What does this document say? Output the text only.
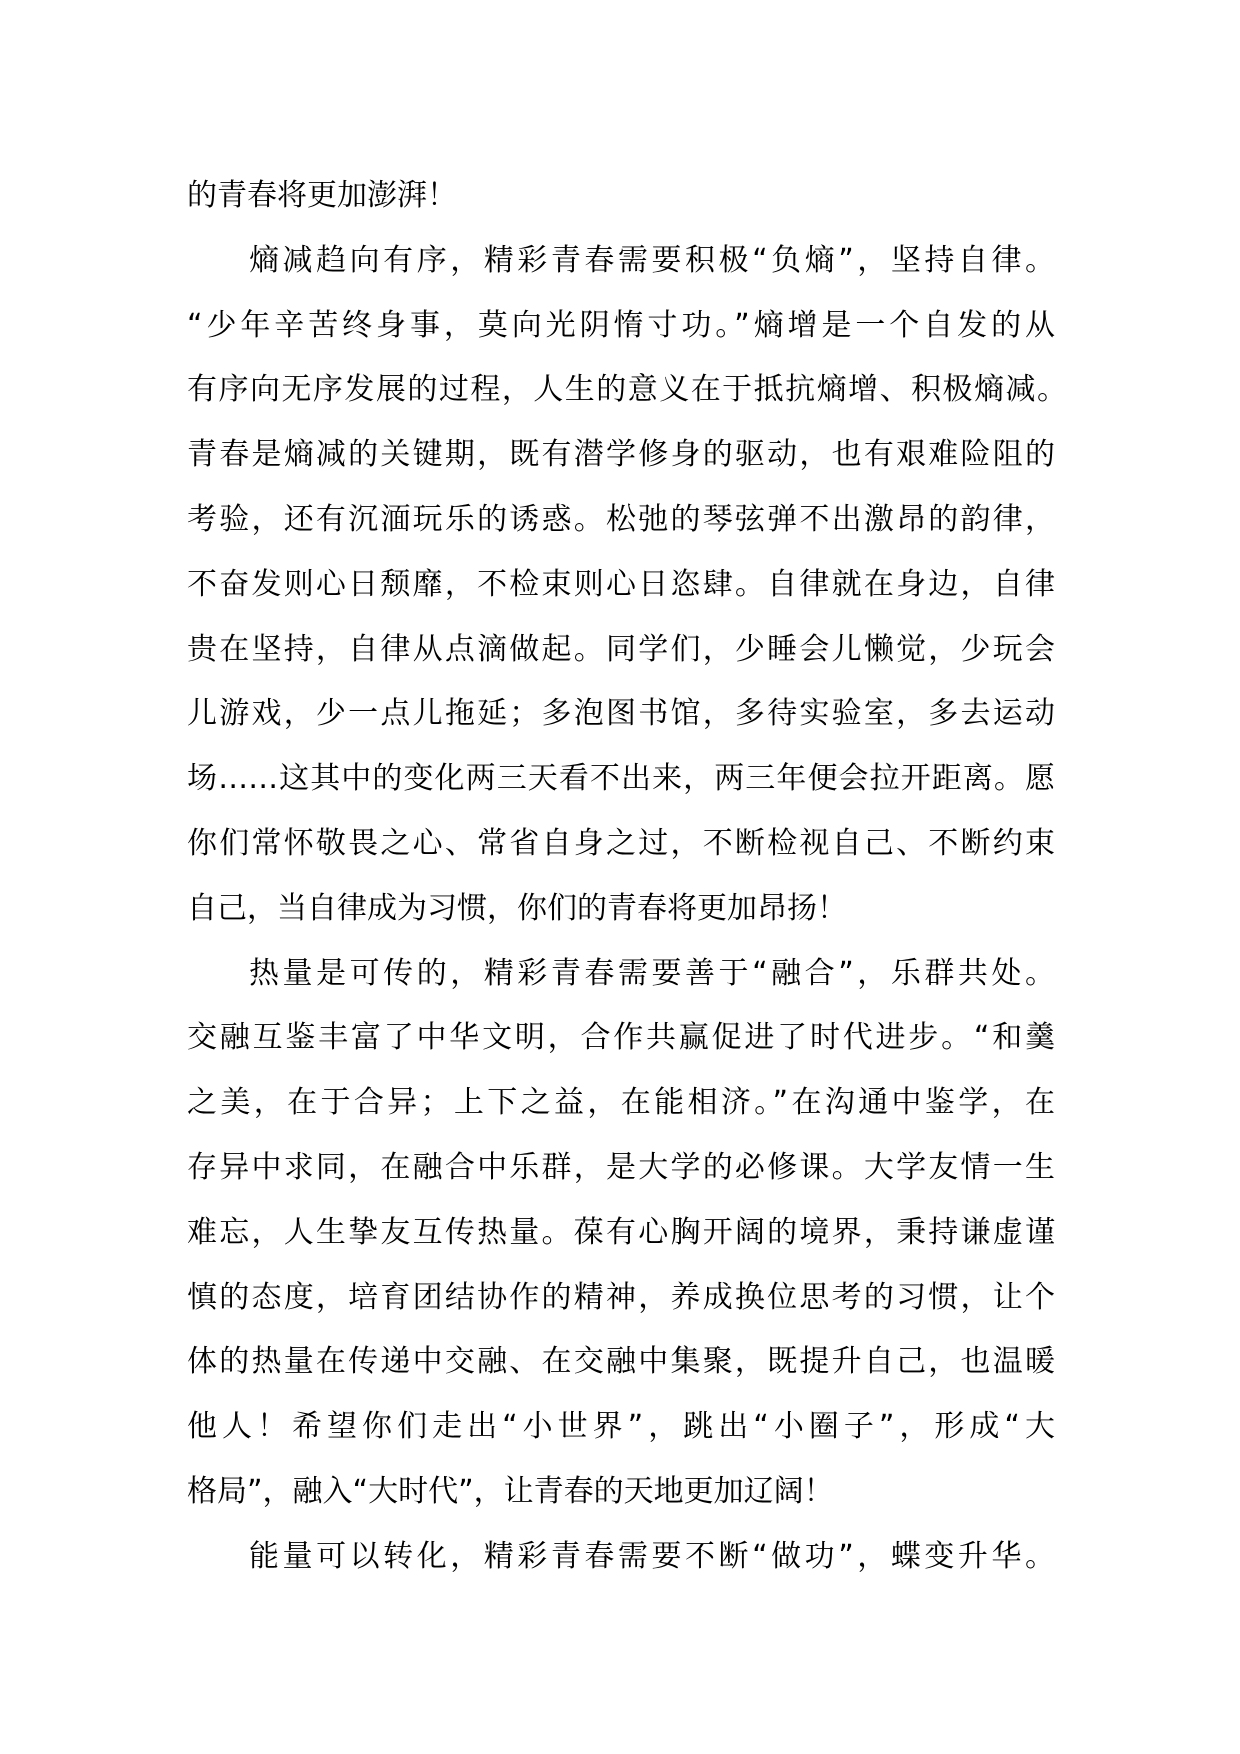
的青春将更加澎湃！
熵减趋向有序，精彩青春需要积极“负熵”，坚持自律。
“少年辛苦终身事，莫向光阴惰寸功。”熵增是一个自发的从
有序向无序发展的过程，人生的意义在于抵抗熵增、积极熵减。
青春是熵减的关键期，既有潜学修身的驱动，也有艰难险阻的
考验，还有沉湎玩乐的诱惑。松弛的琴弦弹不出激昂的韵律，
不奋发则心日颓靡，不检束则心日恣肆。自律就在身边，自律
贵在坚持，自律从点滴做起。同学们，少睡会儿懒觉，少玩会
儿游戏，少一点儿拖延；多泡图书馆，多待实验室，多去运动
场……这其中的变化两三天看不出来，两三年便会拉开距离。愿
你们常怀敬畏之心、常省自身之过，不断检视自己、不断约束
自己，当自律成为习惯，你们的青春将更加昂扬！
热量是可传的，精彩青春需要善于“融合”，乐群共处。
交融互鉴丰富了中华文明，合作共赢促进了时代进步。“和羹
之美，在于合异；上下之益，在能相济。”在沟通中鉴学，在
存异中求同，在融合中乐群，是大学的必修课。大学友情一生
难忘，人生挚友互传热量。葆有心胸开阔的境界，秉持谦虚谨
慎的态度，培育团结协作的精神，养成换位思考的习惯，让个
体的热量在传递中交融、在交融中集聚，既提升自己，也温暖
他人！希望你们走出“小世界”，跳出“小圈子”，形成“大
格局”，融入“大时代”，让青春的天地更加辽阔！
能量可以转化，精彩青春需要不断“做功”，蝶变升华。
